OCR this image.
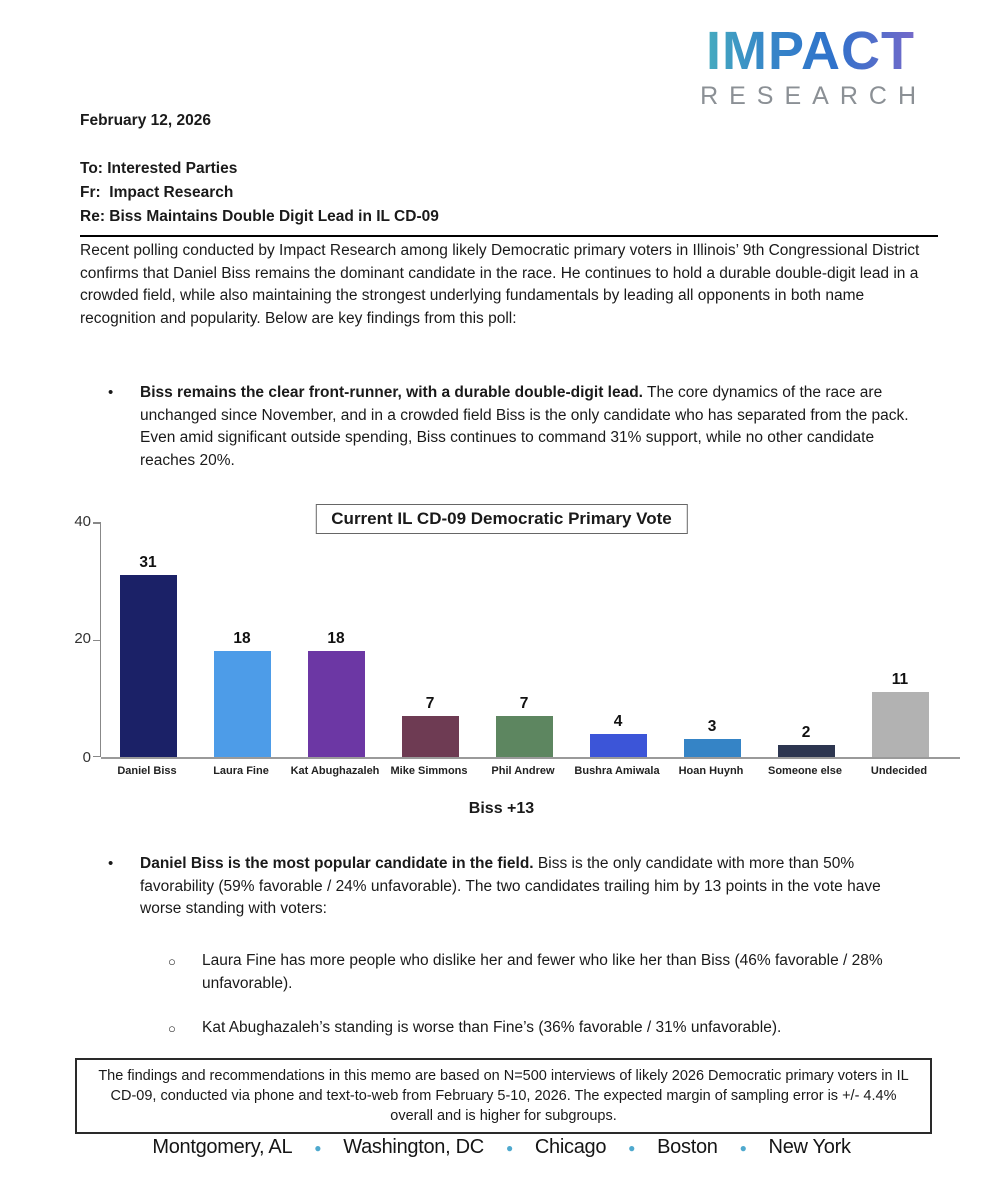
IMPACT
RESEARCH
February 12, 2026
To: Interested Parties
Fr:  Impact Research
Re: Biss Maintains Double Digit Lead in IL CD-09
Recent polling conducted by Impact Research among likely Democratic primary voters in Illinois’ 9th Congressional District confirms that Daniel Biss remains the dominant candidate in the race. He continues to hold a durable double-digit lead in a crowded field, while also maintaining the strongest underlying fundamentals by leading all opponents in both name recognition and popularity. Below are key findings from this poll:
•	Biss remains the clear front-runner, with a durable double-digit lead. The core dynamics of the race are unchanged since November, and in a crowded field Biss is the only candidate who has separated from the pack. Even amid significant outside spending, Biss continues to command 31% support, while no other candidate reaches 20%.
Current IL CD-09 Democratic Primary Vote
40
20
0
31
18	18
7	7
4	3	2
11
Daniel Biss	Laura Fine	Kat Abughazaleh	Mike Simmons	Phil Andrew	Bushra Amiwala	Hoan Huynh	Someone else	Undecided
Biss +13
•	Daniel Biss is the most popular candidate in the field. Biss is the only candidate with more than 50% favorability (59% favorable / 24% unfavorable). The two candidates trailing him by 13 points in the vote have worse standing with voters:
○	Laura Fine has more people who dislike her and fewer who like her than Biss (46% favorable / 28% unfavorable).
○	Kat Abughazaleh’s standing is worse than Fine’s (36% favorable / 31% unfavorable).
The findings and recommendations in this memo are based on N=500 interviews of likely 2026 Democratic primary voters in IL CD-09, conducted via phone and text-to-web from February 5-10, 2026. The expected margin of sampling error is +/- 4.4% overall and is higher for subgroups.
Montgomery, AL	●	Washington, DC	●	Chicago	●	Boston	●	New York
